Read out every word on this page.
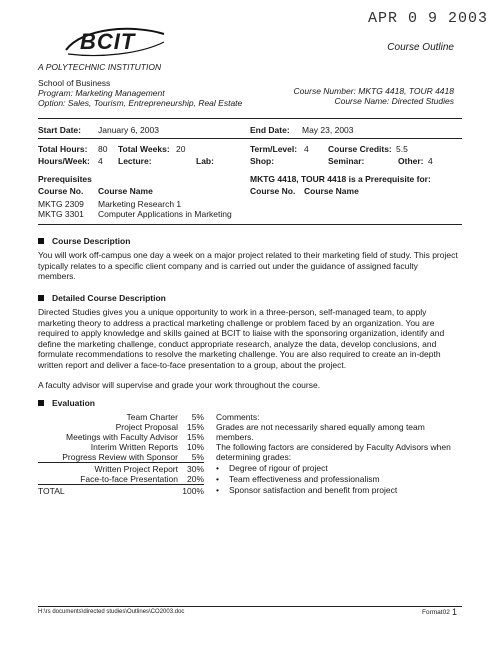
APR 0 9 2003
Course Outline
BCIT
A POLYTECHNIC INSTITUTION
School of Business
Program: Marketing Management
Option: Sales, Tourism, Entrepreneurship, Real Estate
Course Number: MKTG 4418, TOUR 4418
Course Name: Directed Studies
Start Date: January 6, 2003	End Date: May 23, 2003
Total Hours: 80 Total Weeks: 20	Term/Level: 4 Course Credits: 5.5
Hours/Week: 4 Lecture:	Lab:	Shop:	Seminar:	Other: 4
Prerequisites
Course No. Course Name
MKTG 2309 Marketing Research 1
MKTG 3301 Computer Applications in Marketing
MKTG 4418, TOUR 4418 is a Prerequisite for:
Course No. Course Name
Course Description
You will work off-campus one day a week on a major project related to their marketing field of study. This project typically relates to a specific client company and is carried out under the guidance of assigned faculty members.
Detailed Course Description
Directed Studies gives you a unique opportunity to work in a three-person, self-managed team, to apply marketing theory to address a practical marketing challenge or problem faced by an organization. You are required to apply knowledge and skills gained at BCIT to liaise with the sponsoring organization, identify and define the marketing challenge, conduct appropriate research, analyze the data, develop conclusions, and formulate recommendations to resolve the marketing challenge. You are also required to create an in-depth written report and deliver a face-to-face presentation to a group, about the project.
A faculty advisor will supervise and grade your work throughout the course.
Evaluation
Team Charter 5%
Project Proposal 15%
Meetings with Faculty Advisor 15%
Interim Written Reports 10%
Progress Review with Sponsor 5%
Written Project Report 30%
Face-to-face Presentation 20%
TOTAL	100%
Comments:
Grades are not necessarily shared equally among team members.
The following factors are considered by Faculty Advisors when determining grades:
• Degree of rigour of project
• Team effectiveness and professionalism
• Sponsor satisfaction and benefit from project
H:\rs documents\directed studies\Outlines\CO2003.doc	Format02 1
